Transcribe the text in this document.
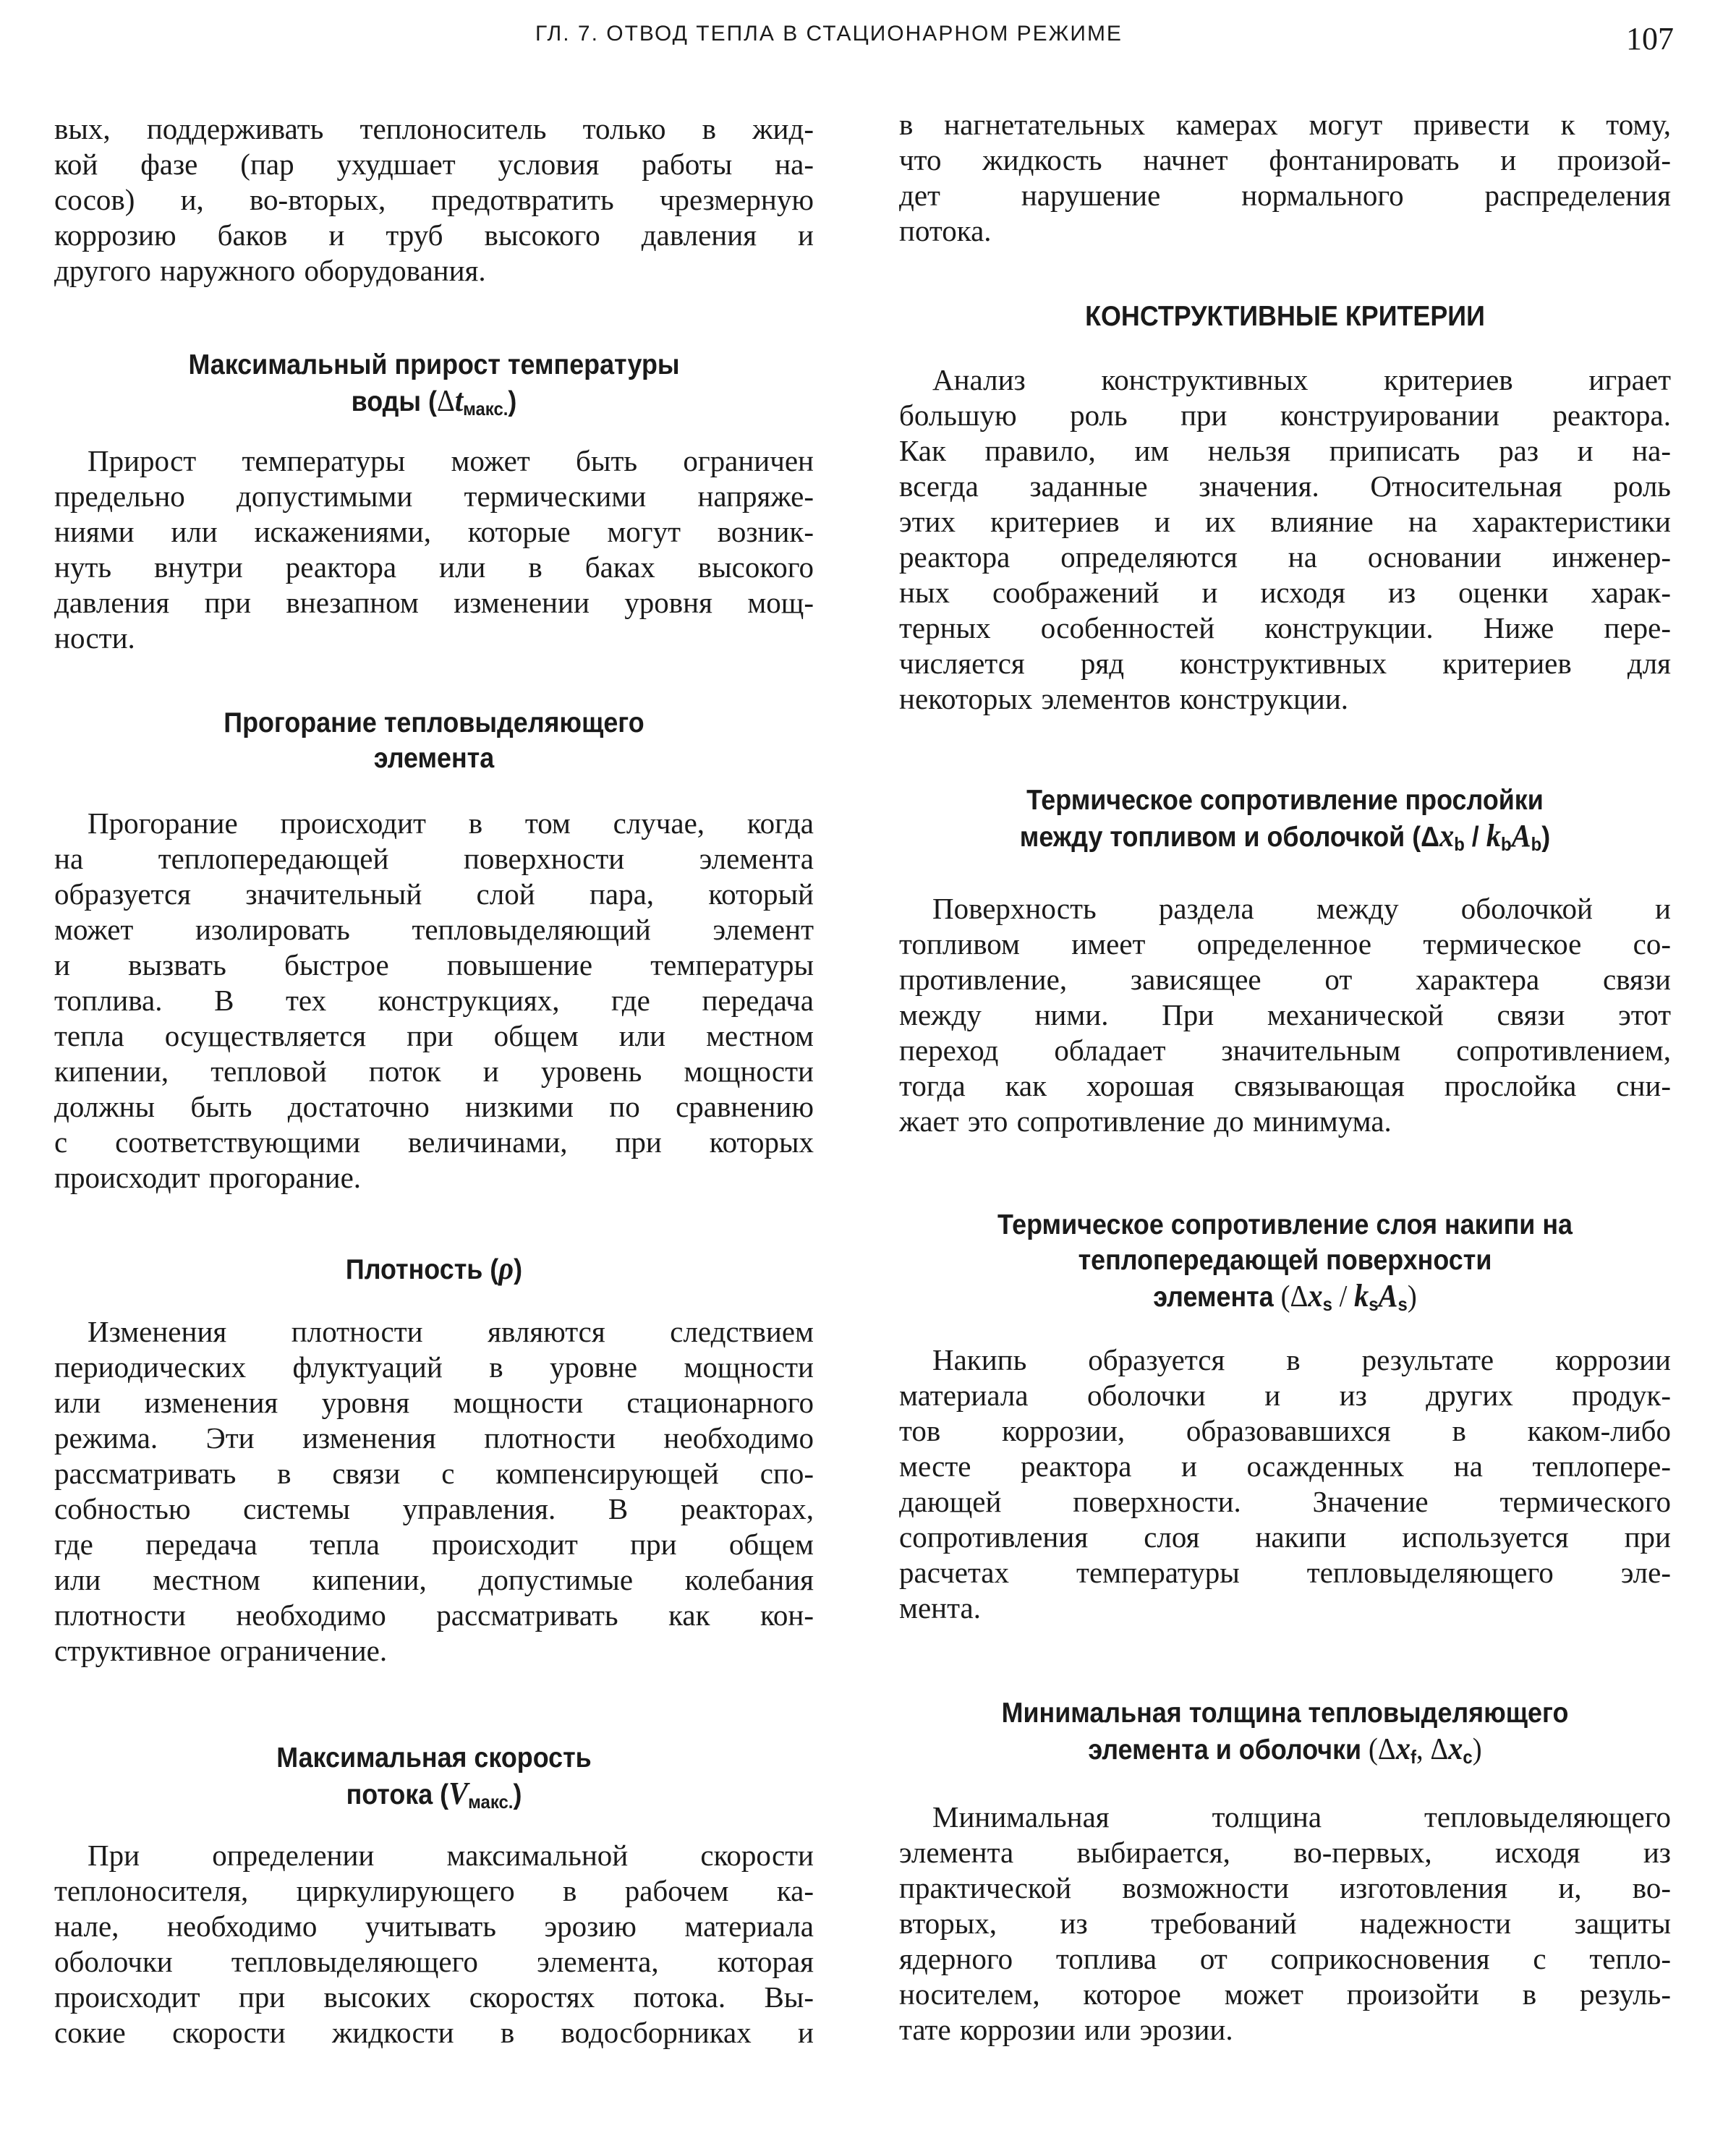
ГЛ. 7. ОТВОД ТЕПЛА В СТАЦИОНАРНОМ РЕЖИМЕ	107
вых, поддерживать теплоноситель только в жид-
кой фазе (пар ухудшает условия работы на-
сосов) и, во-вторых, предотвратить чрезмерную
коррозию баков и труб высокого давления и
другого наружного оборудования.
Максимальный прирост температуры
воды $(\Delta t_{макс.})$
Прирост температуры может быть ограничен
предельно допустимыми термическими напряже-
ниями или искажениями, которые могут возник-
нуть внутри реактора или в баках высокого
давления при внезапном изменении уровня мощ-
ности.
Прогорание тепловыделяющего
элемента
Прогорание происходит в том случае, когда
на теплопередающей поверхности элемента
образуется значительный слой пара, который
может изолировать тепловыделяющий элемент
и вызвать быстрое повышение температуры
топлива. В тех конструкциях, где передача
тепла осуществляется при общем или местном
кипении, тепловой поток и уровень мощности
должны быть достаточно низкими по сравнению
с соответствующими величинами, при которых
происходит прогорание.
Плотность (ρ)
Изменения плотности являются следствием
периодических флуктуаций в уровне мощности
или изменения уровня мощности стационарного
режима. Эти изменения плотности необходимо
рассматривать в связи с компенсирующей спо-
собностью системы управления. В реакторах,
где передача тепла происходит при общем
или местном кипении, допустимые колебания
плотности необходимо рассматривать как кон-
структивное ограничение.
Максимальная скорость
потока $(V_{макс.})$
При определении максимальной скорости
теплоносителя, циркулирующего в рабочем ка-
нале, необходимо учитывать эрозию материала
оболочки тепловыделяющего элемента, которая
происходит при высоких скоростях потока. Вы-
сокие скорости жидкости в водосборниках и
в нагнетательных камерах могут привести к тому,
что жидкость начнет фонтанировать и произой-
дет нарушение нормального распределения
потока.
КОНСТРУКТИВНЫЕ КРИТЕРИИ
Анализ конструктивных критериев играет
большую роль при конструировании реактора.
Как правило, им нельзя приписать раз и на-
всегда заданные значения. Относительная роль
этих критериев и их влияние на характеристики
реактора определяются на основании инженер-
ных соображений и исходя из оценки харак-
терных особенностей конструкции. Ниже пере-
числяется ряд конструктивных критериев для
некоторых элементов конструкции.
Термическое сопротивление прослойки
между топливом и оболочкой $(\Delta x_b / k_bA_b)$
Поверхность раздела между оболочкой и
топливом имеет определенное термическое со-
противление, зависящее от характера связи
между ними. При механической связи этот
переход обладает значительным сопротивлением,
тогда как хорошая связывающая прослойка сни-
жает это сопротивление до минимума.
Термическое сопротивление слоя накипи на
теплопередающей поверхности
элемента $(\Delta x_s / k_sA_s)$
Накипь образуется в результате коррозии
материала оболочки и из других продук-
тов коррозии, образовавшихся в каком-либо
месте реактора и осажденных на теплопере-
дающей поверхности. Значение термического
сопротивления слоя накипи используется при
расчетах температуры тепловыделяющего эле-
мента.
Минимальная толщина тепловыделяющего
элемента и оболочки ($\Delta x_f$, $\Delta x_c$)
Минимальная толщина тепловыделяющего
элемента выбирается, во-первых, исходя из
практической возможности изготовления и, во-
вторых, из требований надежности защиты
ядерного топлива от соприкосновения с тепло-
носителем, которое может произойти в резуль-
тате коррозии или эрозии.
